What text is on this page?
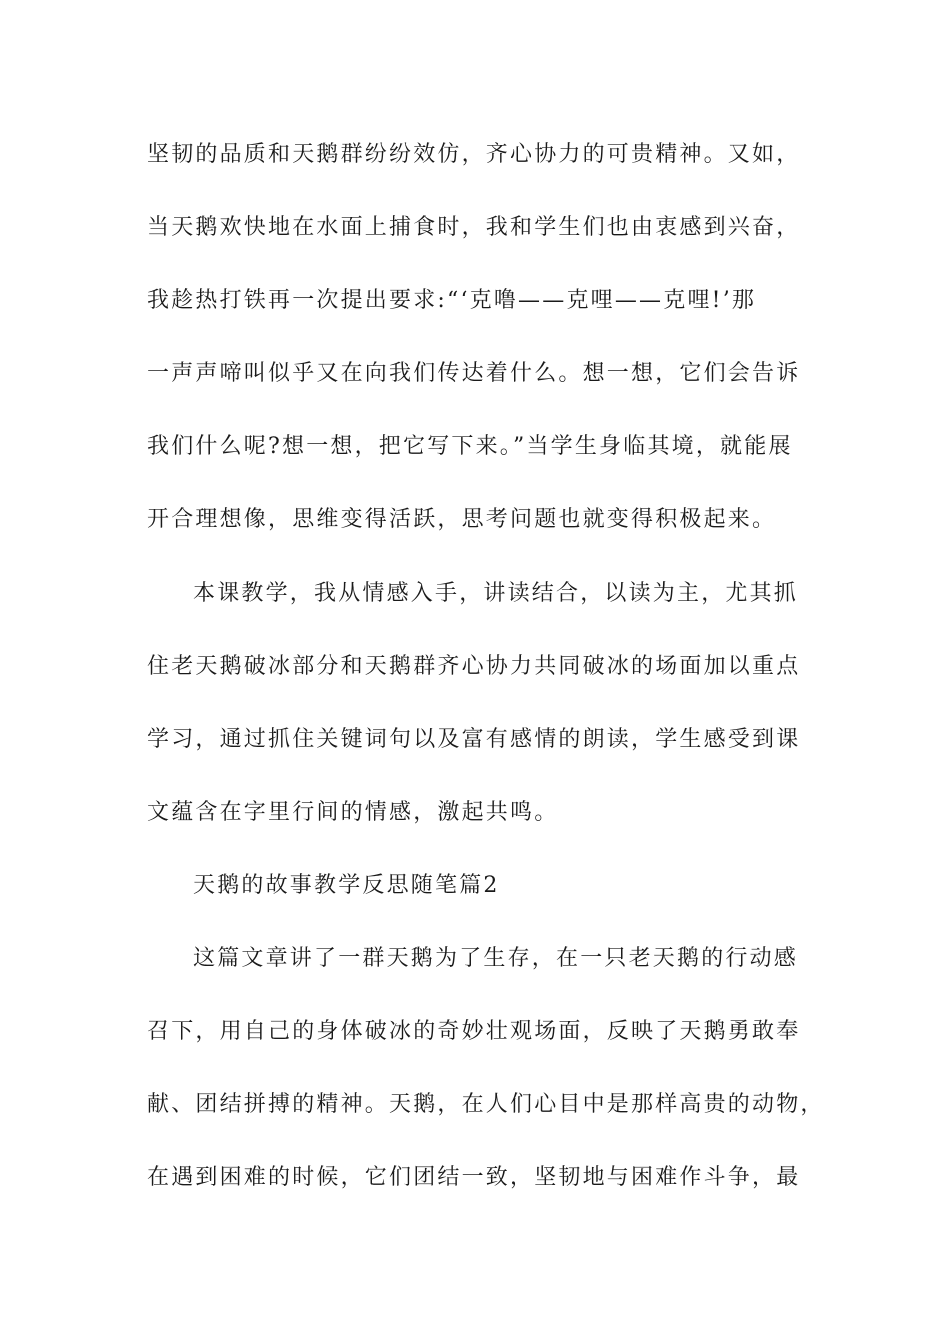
坚韧的品质和天鹅群纷纷效仿，齐心协力的可贵精神。又如，
当天鹅欢快地在水面上捕食时，我和学生们也由衷感到兴奋，
我趁热打铁再一次提出要求:“‘克噜——克哩——克哩!’那
一声声啼叫似乎又在向我们传达着什么。想一想，它们会告诉
我们什么呢?想一想，把它写下来。”当学生身临其境，就能展
开合理想像，思维变得活跃，思考问题也就变得积极起来。
本课教学，我从情感入手，讲读结合，以读为主，尤其抓
住老天鹅破冰部分和天鹅群齐心协力共同破冰的场面加以重点
学习，通过抓住关键词句以及富有感情的朗读，学生感受到课
文蕴含在字里行间的情感，激起共鸣。
天鹅的故事教学反思随笔篇2
这篇文章讲了一群天鹅为了生存，在一只老天鹅的行动感
召下，用自己的身体破冰的奇妙壮观场面，反映了天鹅勇敢奉
献、团结拼搏的精神。天鹅，在人们心目中是那样高贵的动物，
在遇到困难的时候，它们团结一致，坚韧地与困难作斗争，最
